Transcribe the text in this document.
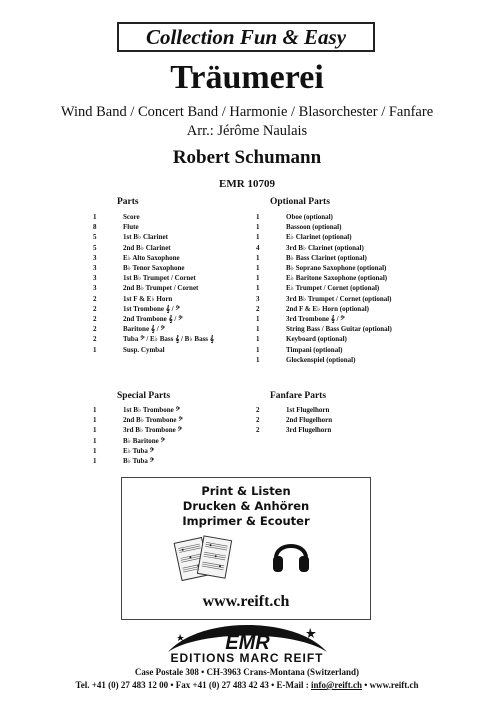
Collection Fun & Easy
Träumerei
Wind Band / Concert Band / Harmonie / Blasorchester / Fanfare
Arr.: Jérôme Naulais
Robert Schumann
EMR 10709
Parts
1	Score
8	Flute
5	1st B♭ Clarinet
5	2nd B♭ Clarinet
3	E♭ Alto Saxophone
3	B♭ Tenor Saxophone
3	1st B♭ Trumpet / Cornet
3	2nd B♭ Trumpet / Cornet
2	1st F & E♭ Horn
2	1st Trombone 𝄞 / 𝄢
2	2nd Trombone 𝄞 / 𝄢
2	Baritone 𝄞 / 𝄢
2	Tuba 𝄢 / E♭ Bass 𝄞 / B♭ Bass 𝄞
1	Susp. Cymbal
Optional Parts
1	Oboe (optional)
1	Bassoon (optional)
1	E♭ Clarinet (optional)
4	3rd B♭ Clarinet (optional)
1	B♭ Bass Clarinet (optional)
1	B♭ Soprano Saxophone (optional)
1	E♭ Baritone Saxophone (optional)
1	E♭ Trumpet / Cornet (optional)
3	3rd B♭ Trumpet / Cornet (optional)
2	2nd F & E♭ Horn (optional)
1	3rd Trombone 𝄞 / 𝄢
1	String Bass / Bass Guitar (optional)
1	Keyboard (optional)
1	Timpani (optional)
1	Glockenspiel (optional)
Special Parts
1	1st B♭ Trombone 𝄢
1	2nd B♭ Trombone 𝄢
1	3rd B♭ Trombone 𝄢
1	B♭ Baritone 𝄢
1	E♭ Tuba 𝄢
1	B♭ Tuba 𝄢
Fanfare Parts
2	1st Flugelhorn
2	2nd Flugelhorn
2	3rd Flugelhorn
Print & Listen
Drucken & Anhören
Imprimer & Ecouter
www.reift.ch
EMR
EDITIONS MARC REIFT
Case Postale 308 • CH-3963 Crans-Montana (Switzerland)
Tel. +41 (0) 27 483 12 00 • Fax +41 (0) 27 483 42 43 • E-Mail : info@reift.ch • www.reift.ch
